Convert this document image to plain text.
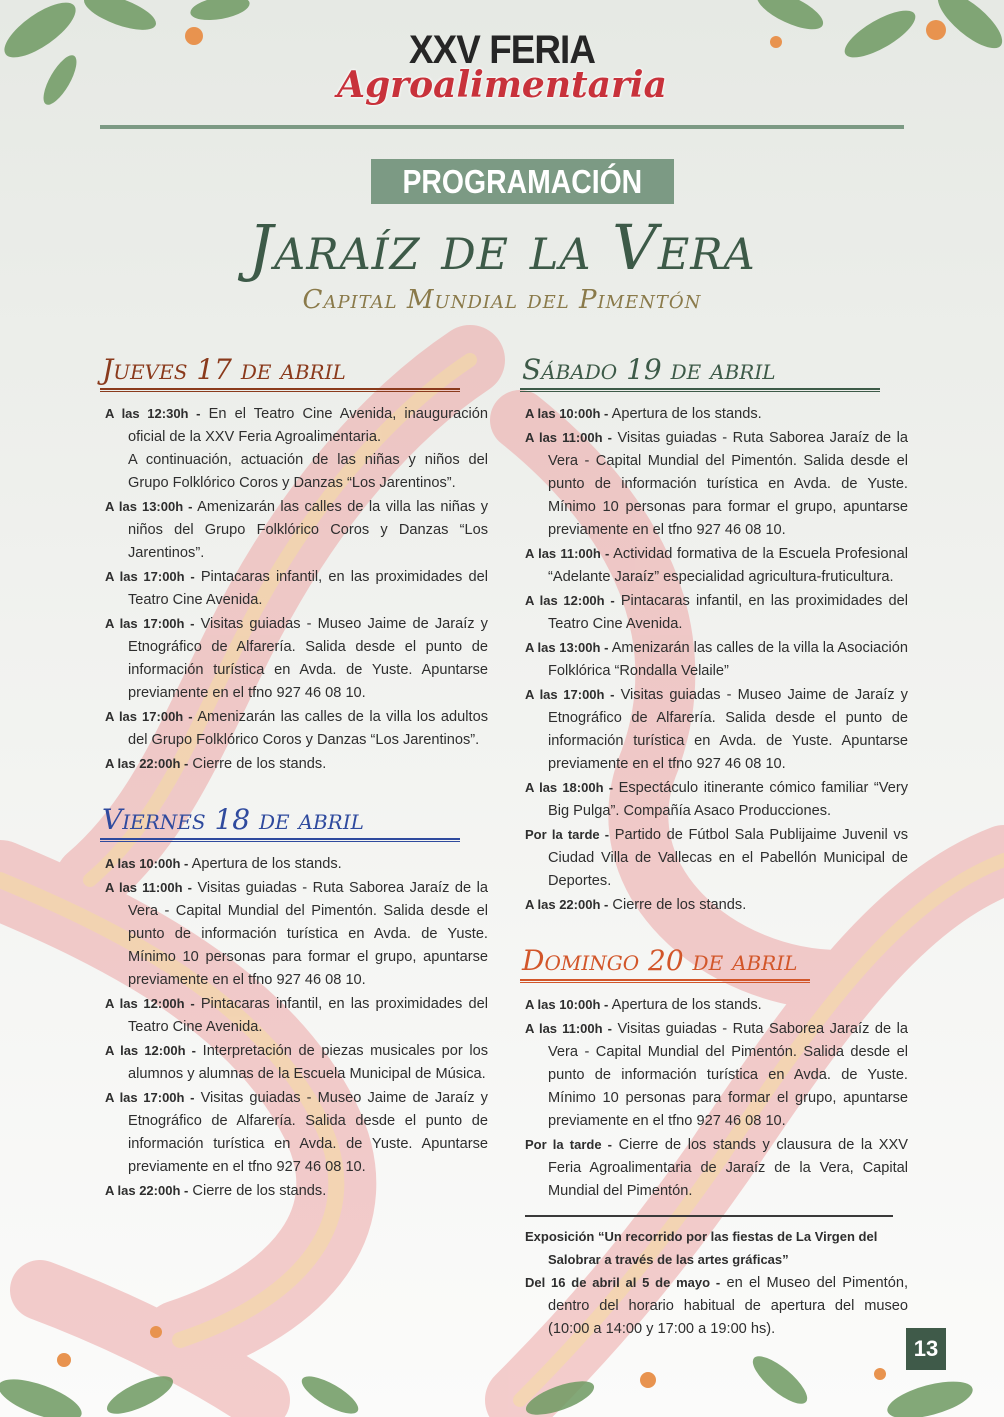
XXV FERIA
Agroalimentaria
PROGRAMACIÓN
Jaraíz de la Vera
Capital Mundial del Pimentón
Jueves 17 de abril
A las 12:30h - En el Teatro Cine Avenida, inauguración oficial de la XXV Feria Agroalimentaria.
A continuación, actuación de las niñas y niños del Grupo Folklórico Coros y Danzas “Los Jarentinos”.
A las 13:00h - Amenizarán las calles de la villa las niñas y niños del Grupo Folklórico Coros y Danzas “Los Jarentinos”.
A las 17:00h - Pintacaras infantil, en las proximidades del Teatro Cine Avenida.
A las 17:00h - Visitas guiadas - Museo Jaime de Jaraíz y Etnográfico de Alfarería. Salida desde el punto de información turística en Avda. de Yuste. Apuntarse previamente en el tfno 927 46 08 10.
A las 17:00h - Amenizarán las calles de la villa los adultos del Grupo Folklórico Coros y Danzas “Los Jarentinos”.
A las 22:00h - Cierre de los stands.
Viernes 18 de abril
A las 10:00h - Apertura de los stands.
A las 11:00h - Visitas guiadas - Ruta Saborea Jaraíz de la Vera - Capital Mundial del Pimentón. Salida desde el punto de información turística en Avda. de Yuste. Mínimo 10 personas para formar el grupo, apuntarse previamente en el tfno 927 46 08 10.
A las 12:00h - Pintacaras infantil, en las proximidades del Teatro Cine Avenida.
A las 12:00h - Interpretación de piezas musicales por los alumnos y alumnas de la Escuela Municipal de Música.
A las 17:00h - Visitas guiadas - Museo Jaime de Jaraíz y Etnográfico de Alfarería. Salida desde el punto de información turística en Avda. de Yuste. Apuntarse previamente en el tfno 927 46 08 10.
A las 22:00h - Cierre de los stands.
Sábado 19 de abril
A las 10:00h - Apertura de los stands.
A las 11:00h - Visitas guiadas - Ruta Saborea Jaraíz de la Vera - Capital Mundial del Pimentón. Salida desde el punto de información turística en Avda. de Yuste. Mínimo 10 personas para formar el grupo, apuntarse previamente en el tfno 927 46 08 10.
A las 11:00h - Actividad formativa de la Escuela Profesional “Adelante Jaraíz” especialidad agricultura-fruticultura.
A las 12:00h - Pintacaras infantil, en las proximidades del Teatro Cine Avenida.
A las 13:00h - Amenizarán las calles de la villa la Asociación Folklórica “Rondalla Velaile”
A las 17:00h - Visitas guiadas - Museo Jaime de Jaraíz y Etnográfico de Alfarería. Salida desde el punto de información turística en Avda. de Yuste. Apuntarse previamente en el tfno 927 46 08 10.
A las 18:00h - Espectáculo itinerante cómico familiar “Very Big Pulga”. Compañía Asaco Producciones.
Por la tarde - Partido de Fútbol Sala Publijaime Juvenil vs Ciudad Villa de Vallecas en el Pabellón Municipal de Deportes.
A las 22:00h - Cierre de los stands.
Domingo 20 de abril
A las 10:00h - Apertura de los stands.
A las 11:00h - Visitas guiadas - Ruta Saborea Jaraíz de la Vera - Capital Mundial del Pimentón. Salida desde el punto de información turística en Avda. de Yuste. Mínimo 10 personas para formar el grupo, apuntarse previamente en el tfno 927 46 08 10.
Por la tarde - Cierre de los stands y clausura de la XXV Feria Agroalimentaria de Jaraíz de la Vera, Capital Mundial del Pimentón.
Exposición “Un recorrido por las fiestas de La Virgen del Salobrar a través de las artes gráficas”
Del 16 de abril al 5 de mayo - en el Museo del Pimentón, dentro del horario habitual de apertura del museo (10:00 a 14:00 y 17:00 a 19:00 hs).
13
